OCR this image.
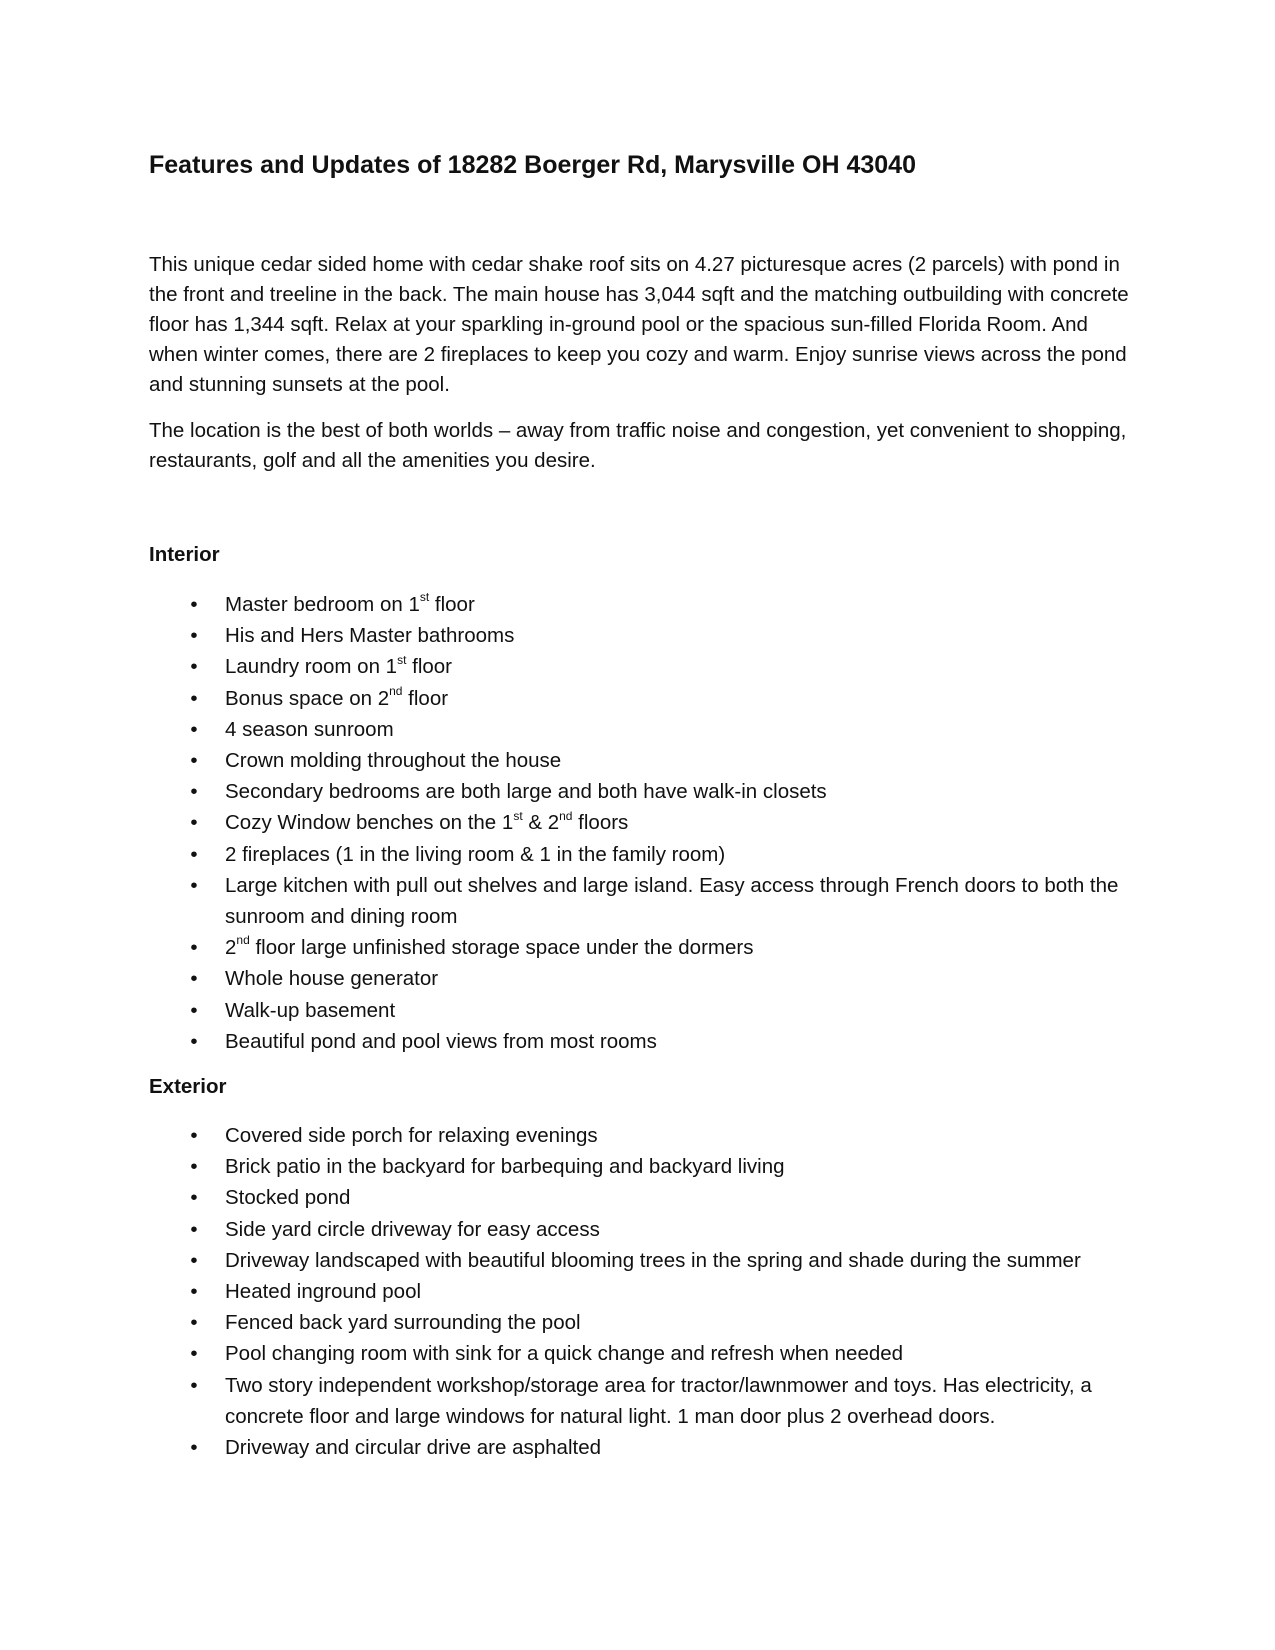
Features and Updates of 18282 Boerger Rd, Marysville OH 43040

This unique cedar sided home with cedar shake roof sits on 4.27 picturesque acres (2 parcels) with pond in the front and treeline in the back. The main house has 3,044 sqft and the matching outbuilding with concrete floor has 1,344 sqft. Relax at your sparkling in-ground pool or the spacious sun-filled Florida Room. And when winter comes, there are 2 fireplaces to keep you cozy and warm. Enjoy sunrise views across the pond and stunning sunsets at the pool.

The location is the best of both worlds – away from traffic noise and congestion, yet convenient to shopping, restaurants, golf and all the amenities you desire.

Interior
• Master bedroom on 1st floor
• His and Hers Master bathrooms
• Laundry room on 1st floor
• Bonus space on 2nd floor
• 4 season sunroom
• Crown molding throughout the house
• Secondary bedrooms are both large and both have walk-in closets
• Cozy Window benches on the 1st & 2nd floors
• 2 fireplaces (1 in the living room & 1 in the family room)
• Large kitchen with pull out shelves and large island. Easy access through French doors to both the sunroom and dining room
• 2nd floor large unfinished storage space under the dormers
• Whole house generator
• Walk-up basement
• Beautiful pond and pool views from most rooms
Exterior
• Covered side porch for relaxing evenings
• Brick patio in the backyard for barbequing and backyard living
• Stocked pond
• Side yard circle driveway for easy access
• Driveway landscaped with beautiful blooming trees in the spring and shade during the summer
• Heated inground pool
• Fenced back yard surrounding the pool
• Pool changing room with sink for a quick change and refresh when needed
• Two story independent workshop/storage area for tractor/lawnmower and toys. Has electricity, a concrete floor and large windows for natural light. 1 man door plus 2 overhead doors.
• Driveway and circular drive are asphalted
